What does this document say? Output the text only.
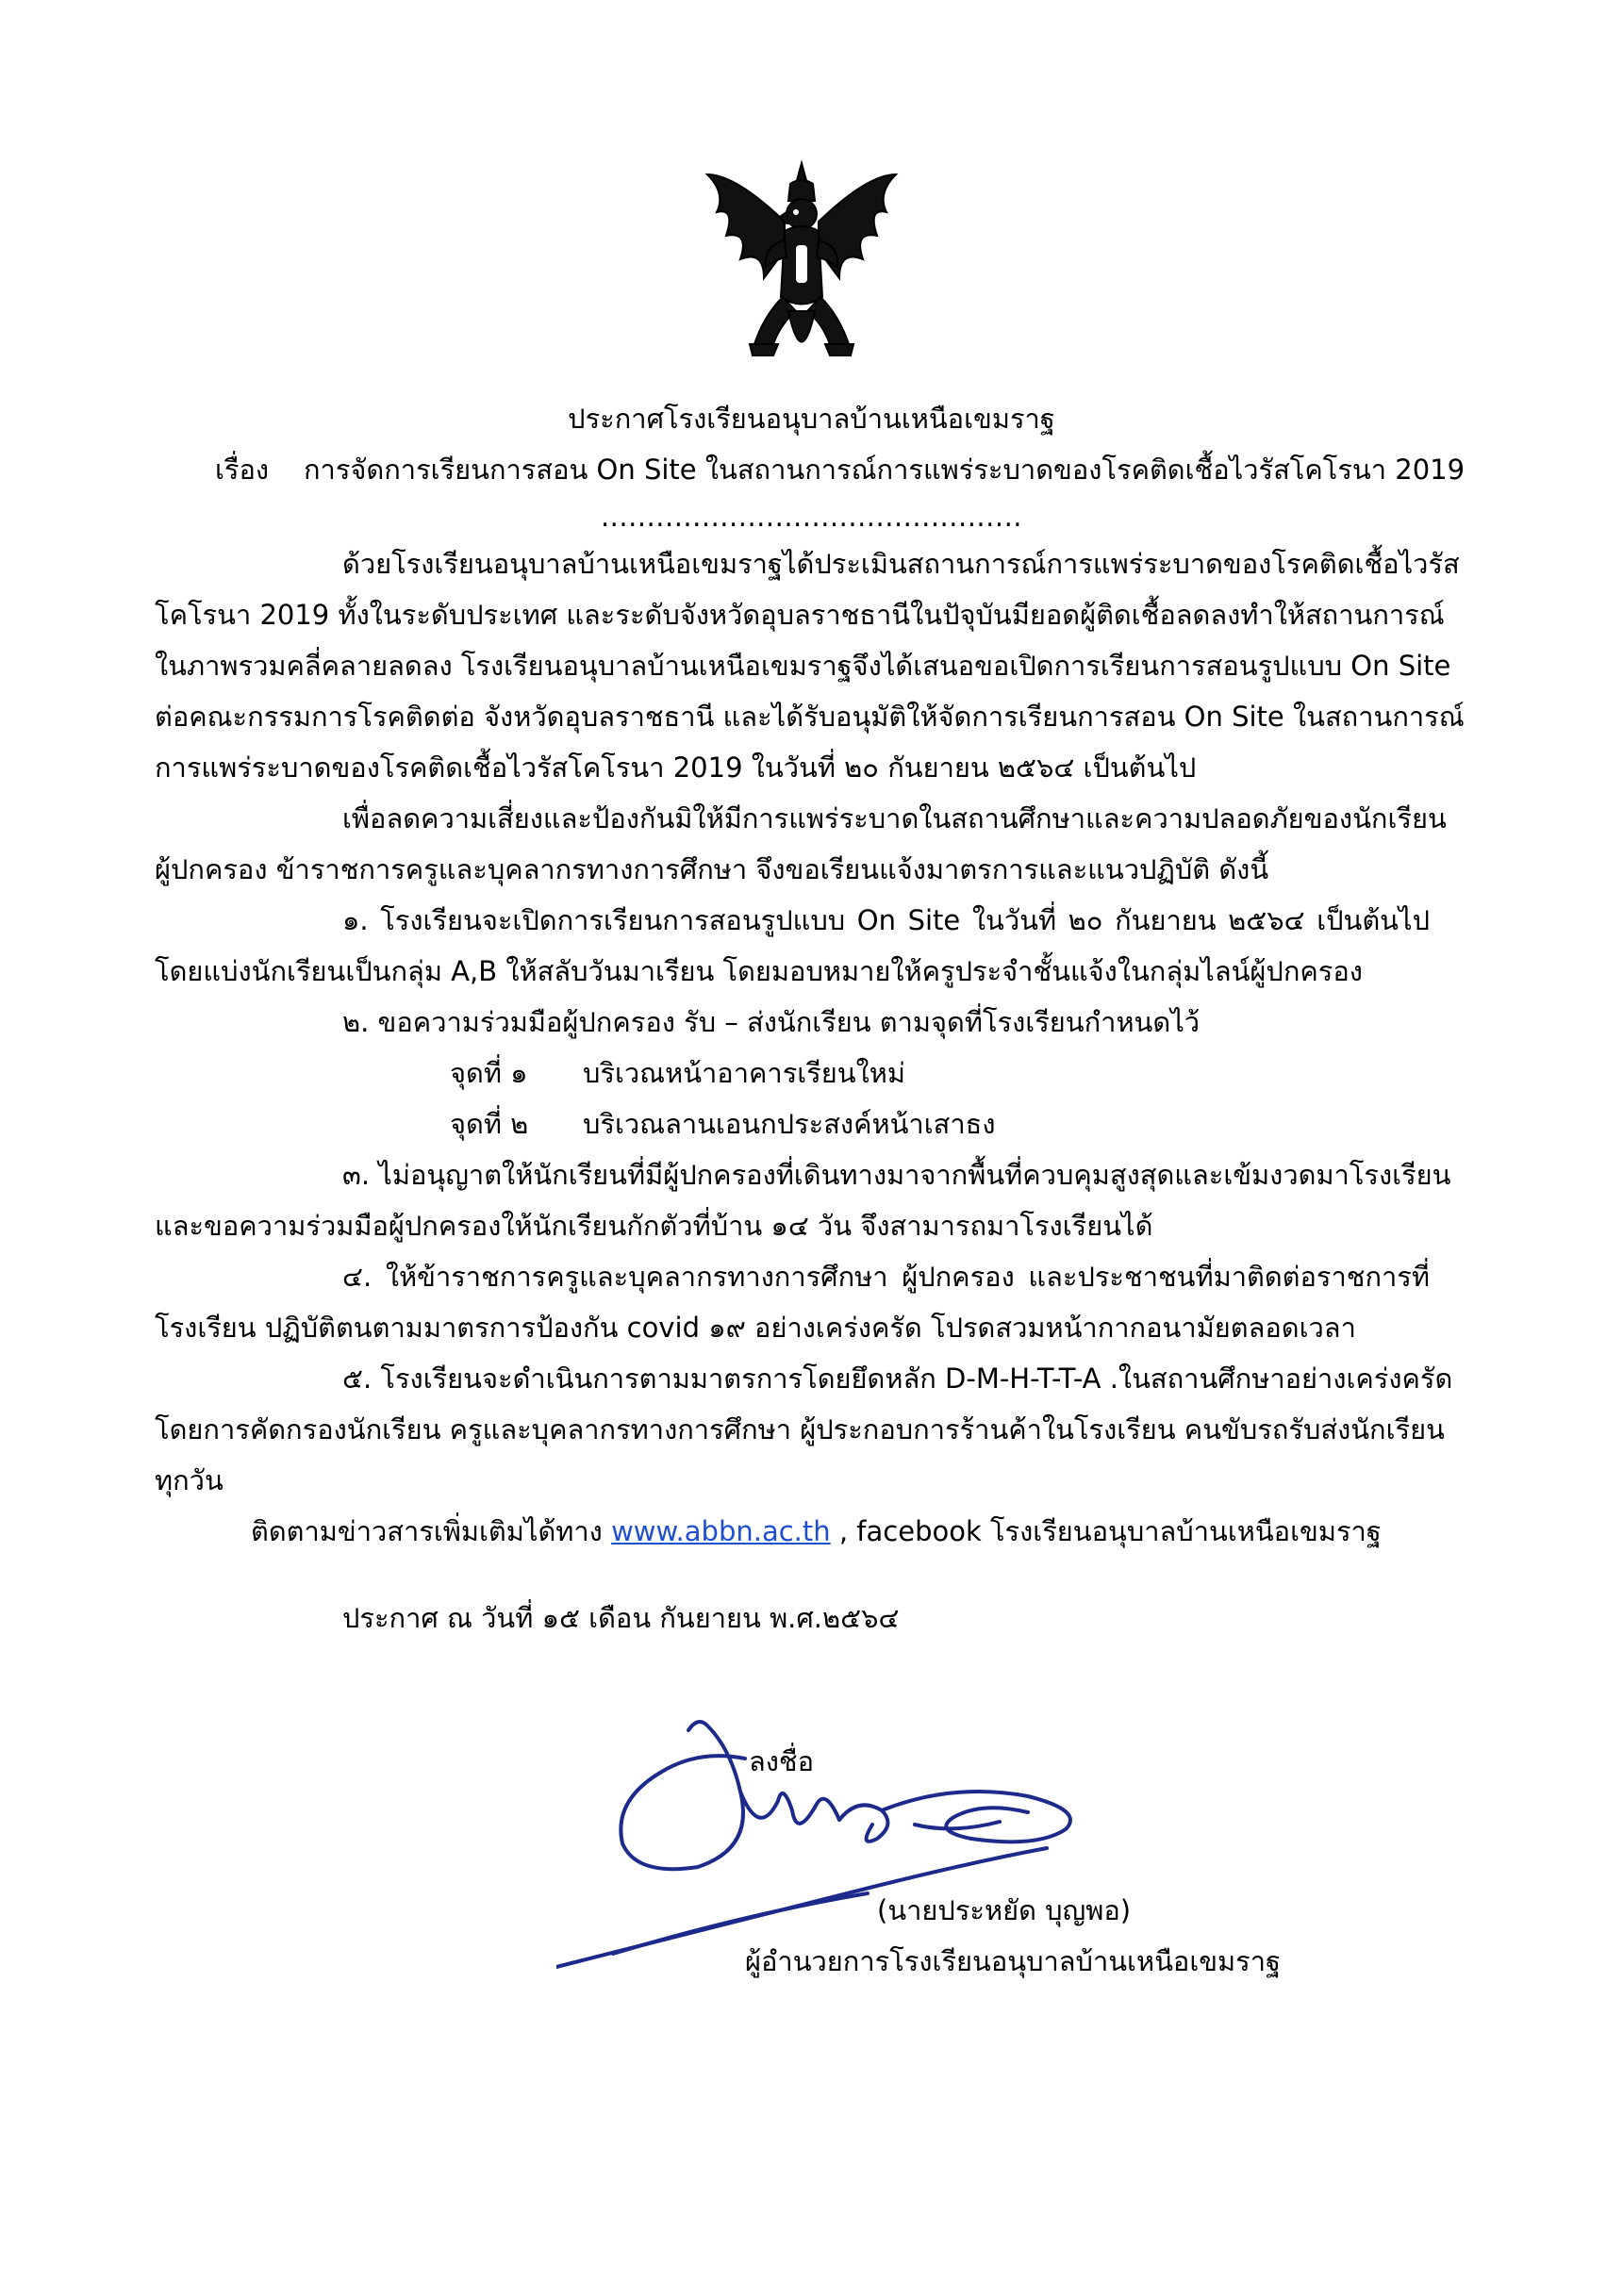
ประกาศโรงเรียนอนุบาลบ้านเหนือเขมราฐ
เรื่อง การจัดการเรียนการสอน On Site ในสถานการณ์การแพร่ระบาดของโรคติดเชื้อไวรัสโคโรนา 2019
..............................................
ด้วยโรงเรียนอนุบาลบ้านเหนือเขมราฐได้ประเมินสถานการณ์การแพร่ระบาดของโรคติดเชื้อไวรัส
โคโรนา 2019 ทั้งในระดับประเทศ และระดับจังหวัดอุบลราชธานีในปัจุบันมียอดผู้ติดเชื้อลดลงทำให้สถานการณ์
ในภาพรวมคลี่คลายลดลง โรงเรียนอนุบาลบ้านเหนือเขมราฐจึงได้เสนอขอเปิดการเรียนการสอนรูปแบบ On Site
ต่อคณะกรรมการโรคติดต่อ จังหวัดอุบลราชธานี และได้รับอนุมัติให้จัดการเรียนการสอน On Site ในสถานการณ์
การแพร่ระบาดของโรคติดเชื้อไวรัสโคโรนา 2019 ในวันที่ ๒๐ กันยายน ๒๕๖๔ เป็นต้นไป
เพื่อลดความเสี่ยงและป้องกันมิให้มีการแพร่ระบาดในสถานศึกษาและความปลอดภัยของนักเรียน
ผู้ปกครอง ข้าราชการครูและบุคลากรทางการศึกษา จึงขอเรียนแจ้งมาตรการและแนวปฏิบัติ ดังนี้
๑. โรงเรียนจะเปิดการเรียนการสอนรูปแบบ On Site ในวันที่ ๒๐ กันยายน ๒๕๖๔ เป็นต้นไป
โดยแบ่งนักเรียนเป็นกลุ่ม A,B ให้สลับวันมาเรียน โดยมอบหมายให้ครูประจำชั้นแจ้งในกลุ่มไลน์ผู้ปกครอง
๒. ขอความร่วมมือผู้ปกครอง รับ – ส่งนักเรียน ตามจุดที่โรงเรียนกำหนดไว้
จุดที่ ๑ บริเวณหน้าอาคารเรียนใหม่
จุดที่ ๒ บริเวณลานเอนกประสงค์หน้าเสาธง
๓. ไม่อนุญาตให้นักเรียนที่มีผู้ปกครองที่เดินทางมาจากพื้นที่ควบคุมสูงสุดและเข้มงวดมาโรงเรียน
และขอความร่วมมือผู้ปกครองให้นักเรียนกักตัวที่บ้าน ๑๔ วัน จึงสามารถมาโรงเรียนได้
๔. ให้ข้าราชการครูและบุคลากรทางการศึกษา ผู้ปกครอง และประชาชนที่มาติดต่อราชการที่
โรงเรียน ปฏิบัติตนตามมาตรการป้องกัน covid ๑๙ อย่างเคร่งครัด โปรดสวมหน้ากากอนามัยตลอดเวลา
๕. โรงเรียนจะดำเนินการตามมาตรการโดยยึดหลัก D-M-H-T-T-A .ในสถานศึกษาอย่างเคร่งครัด
โดยการคัดกรองนักเรียน ครูและบุคลากรทางการศึกษา ผู้ประกอบการร้านค้าในโรงเรียน คนขับรถรับส่งนักเรียน
ทุกวัน
ติดตามข่าวสารเพิ่มเติมได้ทาง www.abbn.ac.th , facebook โรงเรียนอนุบาลบ้านเหนือเขมราฐ
ประกาศ ณ วันที่ ๑๕ เดือน กันยายน พ.ศ.๒๕๖๔
ลงชื่อ
(นายประหยัด บุญพอ)
ผู้อำนวยการโรงเรียนอนุบาลบ้านเหนือเขมราฐ
